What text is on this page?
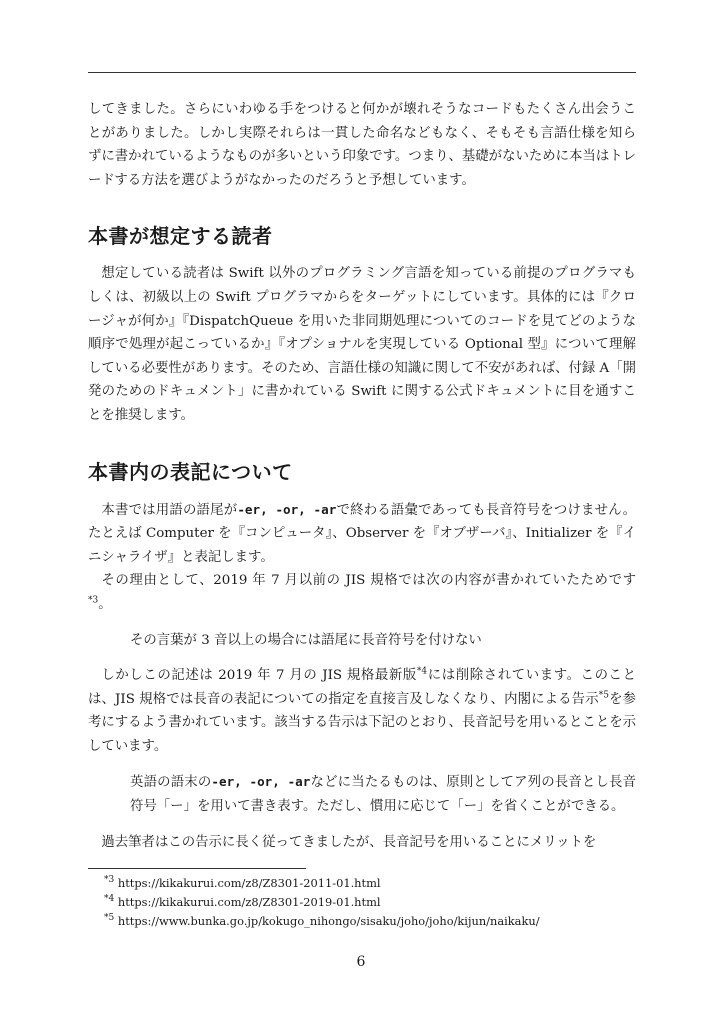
してきました。さらにいわゆる手をつけると何かが壊れそうなコードもたくさん出会うことがありました。しかし実際それらは一貫した命名などもなく、そもそも言語仕様を知らずに書かれているようなものが多いという印象です。つまり、基礎がないために本当はトレードする方法を選びようがなかったのだろうと予想しています。

本書が想定する読者

想定している読者は Swift 以外のプログラミング言語を知っている前提のプログラマもしくは、初級以上の Swift プログラマからをターゲットにしています。具体的には『クロージャが何か』『DispatchQueue を用いた非同期処理についてのコードを見てどのような順序で処理が起こっているか』『オプショナルを実現している Optional 型』について理解している必要性があります。そのため、言語仕様の知識に関して不安があれば、付録 A「開発のためのドキュメント」に書かれている Swift に関する公式ドキュメントに目を通すことを推奨します。

本書内の表記について

本書では用語の語尾が-er, -or, -arで終わる語彙であっても長音符号をつけません。たとえば Computer を『コンピュータ』、Observer を『オブザーバ』、Initializer を『イニシャライザ』と表記します。

その理由として、2019 年 7 月以前の JIS 規格では次の内容が書かれていたためです$^{*3}$。

その言葉が 3 音以上の場合には語尾に長音符号を付けない

しかしこの記述は 2019 年 7 月の JIS 規格最新版$^{*4}$には削除されています。このことは、JIS 規格では長音の表記についての指定を直接言及しなくなり、内閣による告示$^{*5}$を参考にするよう書かれています。該当する告示は下記のとおり、長音記号を用いるとことを示しています。

英語の語末の-er, -or, -arなどに当たるものは、原則としてア列の長音とし長音符号「ー」を用いて書き表す。ただし、慣用に応じて「ー」を省くことができる。

過去筆者はこの告示に長く従ってきましたが、長音記号を用いることにメリットを

$^{*3}$ https://kikakurui.com/z8/Z8301-2011-01.html
$^{*4}$ https://kikakurui.com/z8/Z8301-2019-01.html
$^{*5}$ https://www.bunka.go.jp/kokugo_nihongo/sisaku/joho/joho/kijun/naikaku/
6
